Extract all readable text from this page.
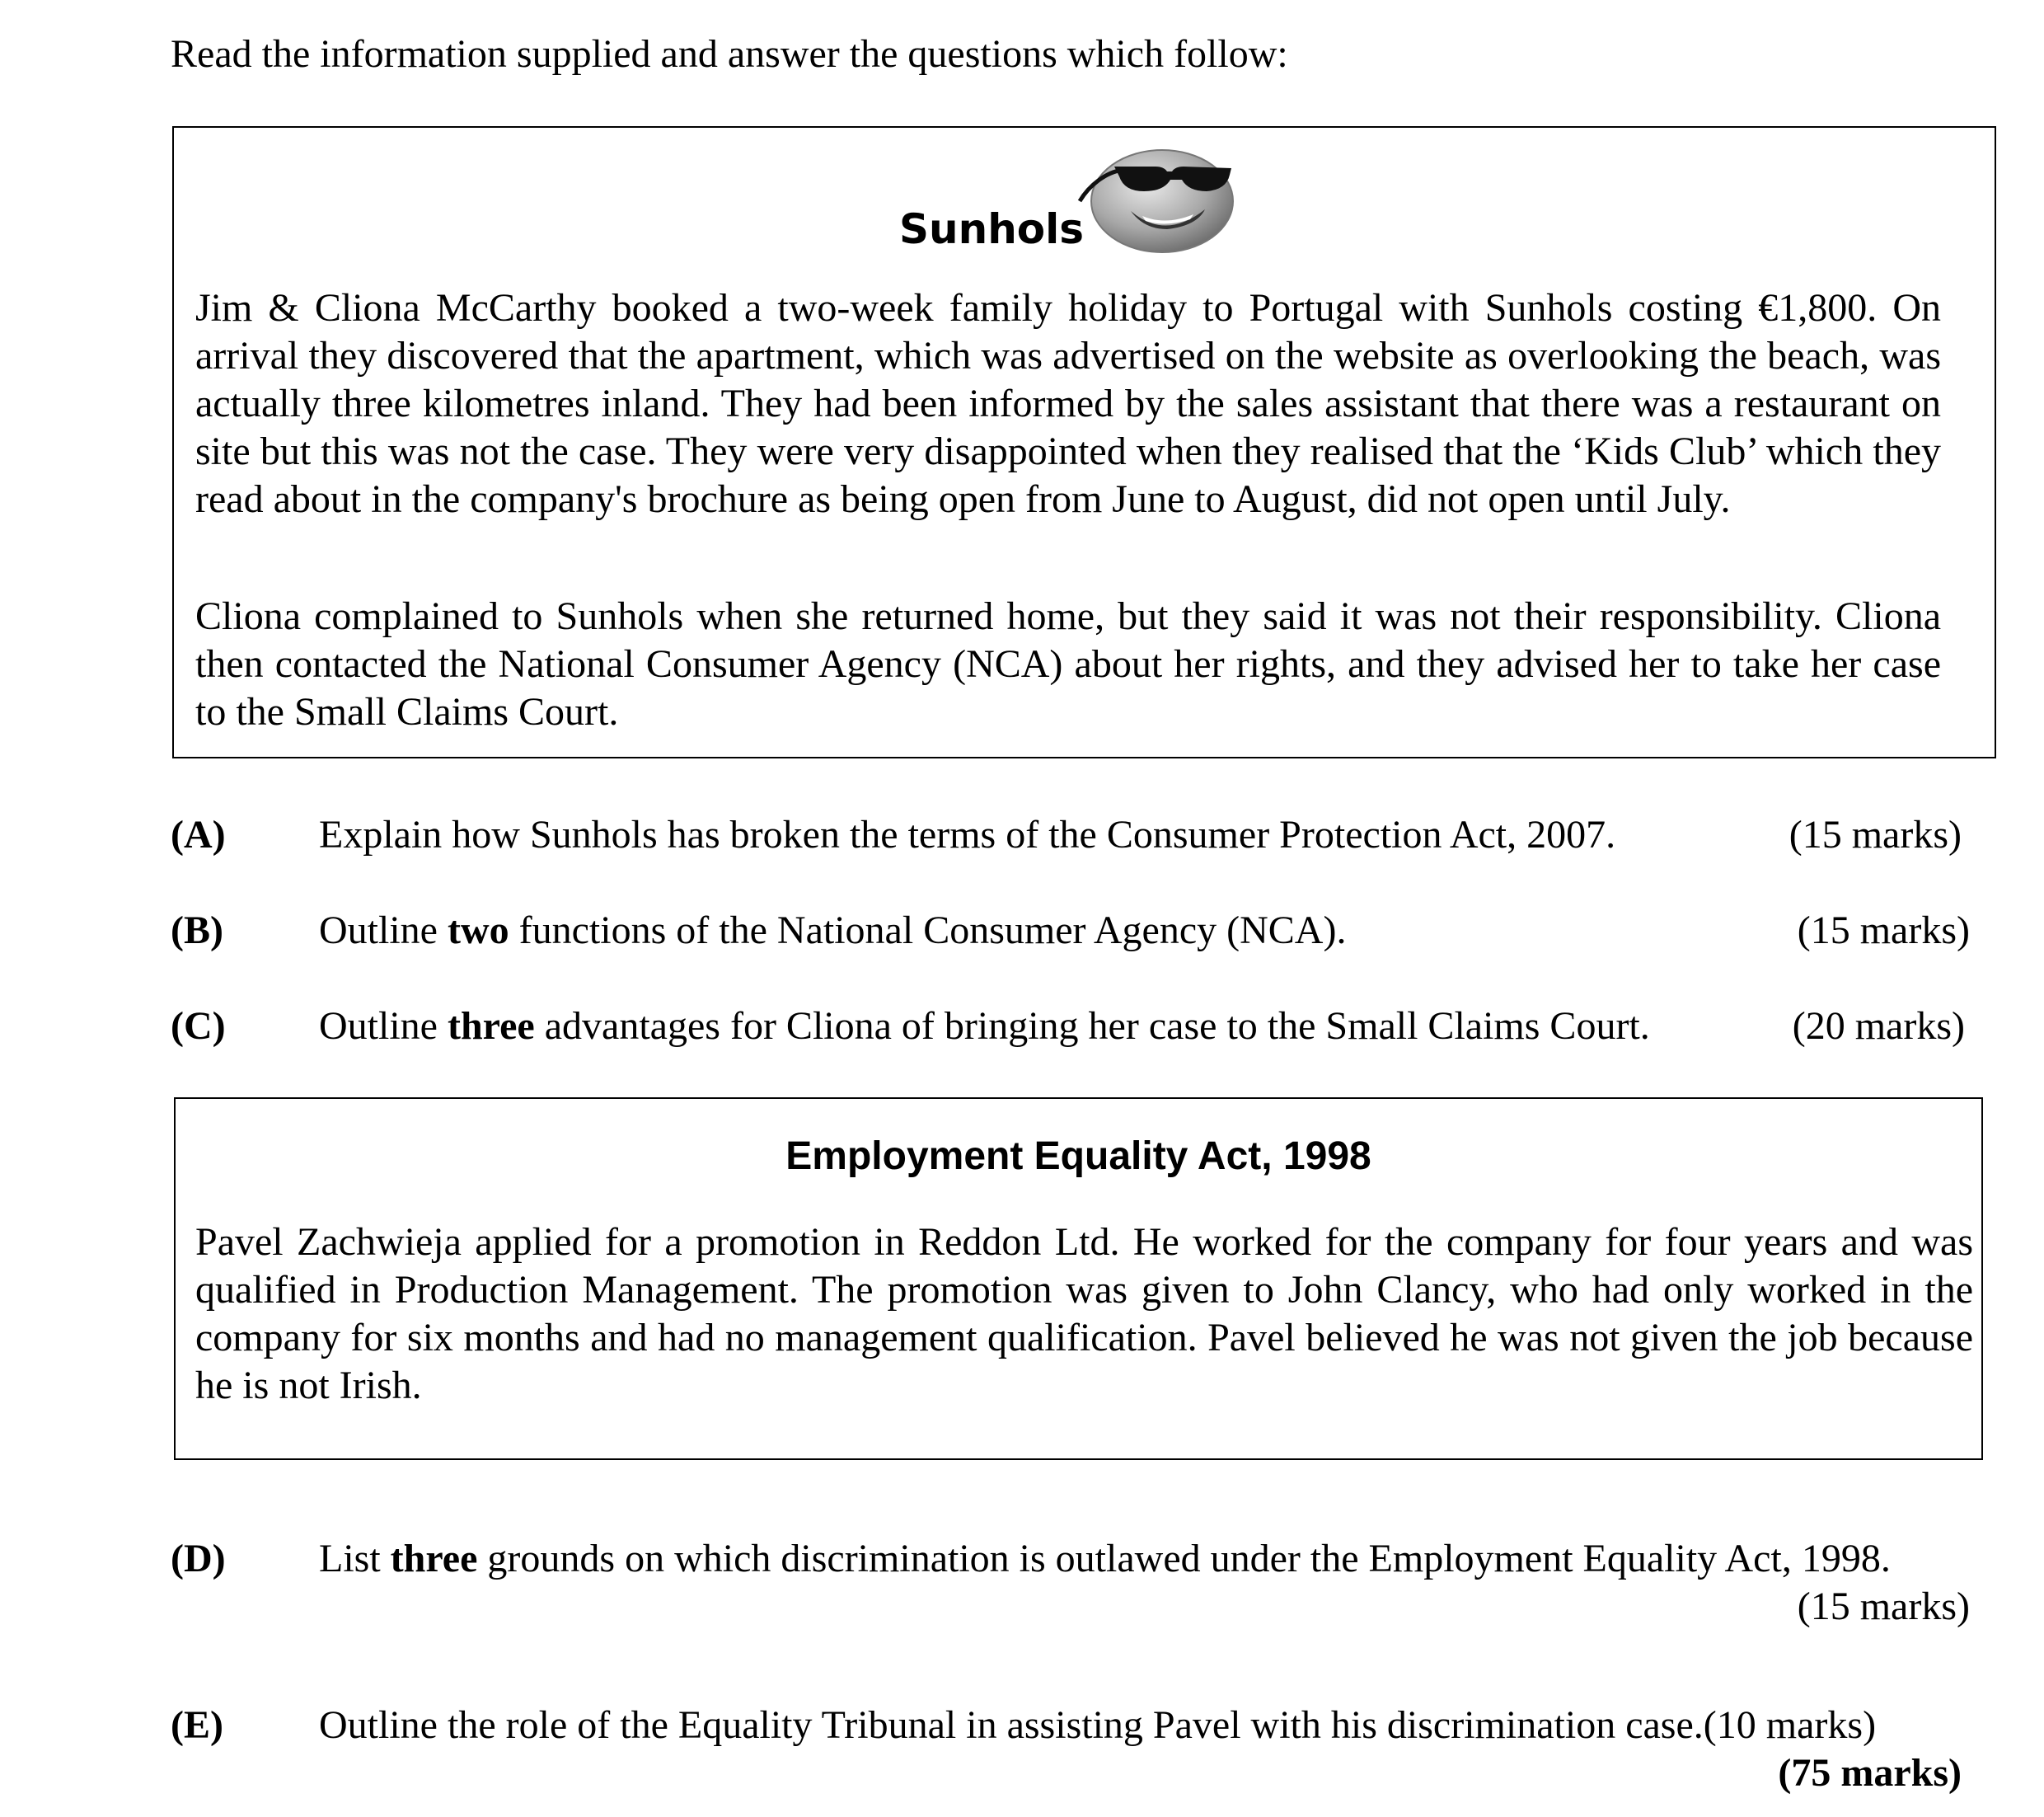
Read the information supplied and answer the questions which follow:
Sunhols

Jim & Cliona McCarthy booked a two-week family holiday to Portugal with Sunhols costing €1,800. On arrival they discovered that the apartment, which was advertised on the website as overlooking the beach, was actually three kilometres inland. They had been informed by the sales assistant that there was a restaurant on site but this was not the case. They were very disappointed when they realised that the ‘Kids Club’ which they read about in the company's brochure as being open from June to August, did not open until July.

Cliona complained to Sunhols when she returned home, but they said it was not their responsibility. Cliona then contacted the National Consumer Agency (NCA) about her rights, and they advised her to take her case to the Small Claims Court.

(A) Explain how Sunhols has broken the terms of the Consumer Protection Act, 2007.	(15 marks)
(B) Outline two functions of the National Consumer Agency (NCA).	(15 marks)
(C) Outline three advantages for Cliona of bringing her case to the Small Claims Court.	(20 marks)
Employment Equality Act, 1998

Pavel Zachwieja applied for a promotion in Reddon Ltd. He worked for the company for four years and was qualified in Production Management. The promotion was given to John Clancy, who had only worked in the company for six months and had no management qualification. Pavel believed he was not given the job because he is not Irish.

(D) List three grounds on which discrimination is outlawed under the Employment Equality Act, 1998.
(15 marks)
(E) Outline the role of the Equality Tribunal in assisting Pavel with his discrimination case.(10 marks)
(75 marks)
